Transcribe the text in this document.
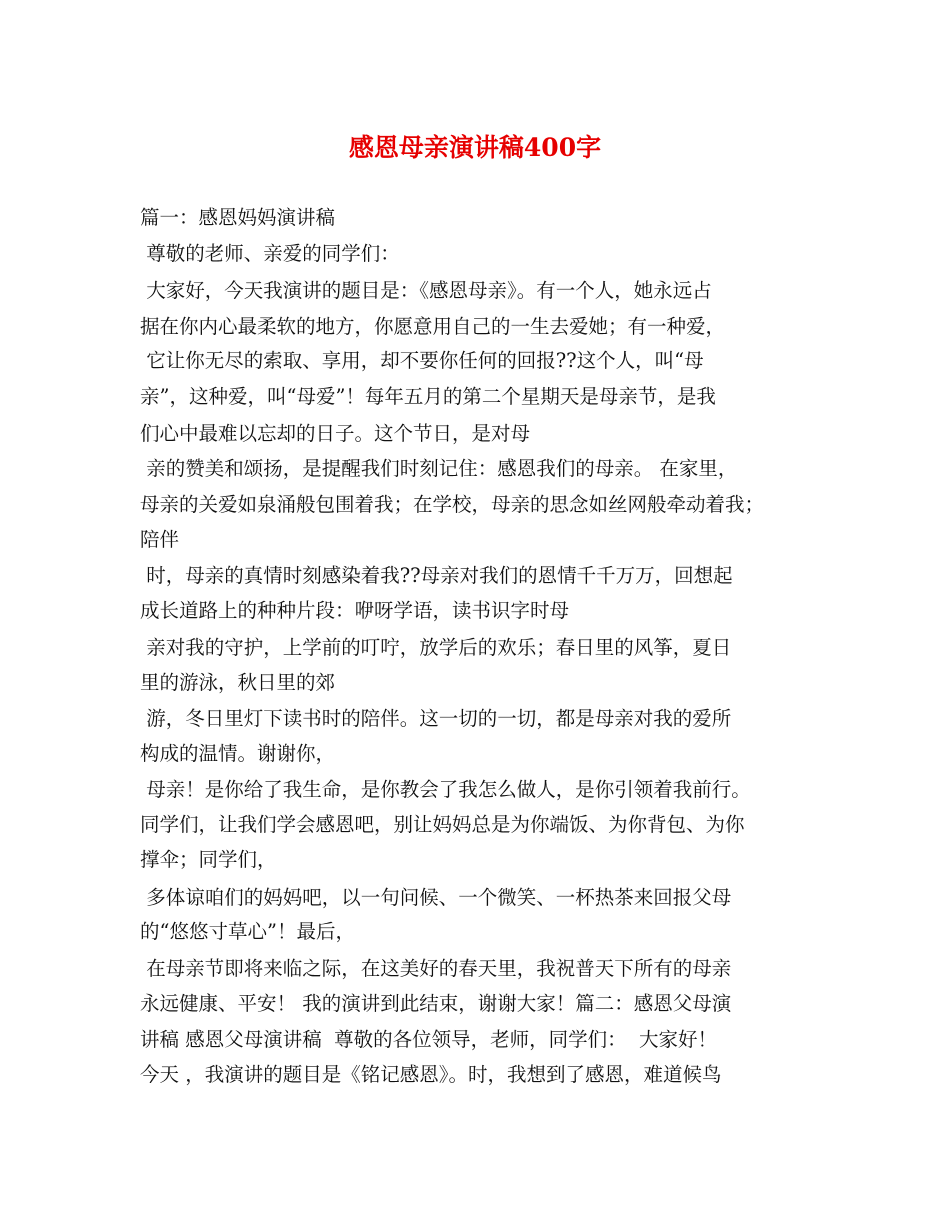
感恩母亲演讲稿400字
篇一：感恩妈妈演讲稿
尊敬的老师、亲爱的同学们：
大家好，今天我演讲的题目是：《感恩母亲》。有一个人，她永远占
据在你内心最柔软的地方，你愿意用自己的一生去爱她；有一种爱，
它让你无尽的索取、享用，却不要你任何的回报??这个人，叫“母
亲”，这种爱，叫“母爱”！每年五月的第二个星期天是母亲节，是我
们心中最难以忘却的日子。这个节日，是对母
亲的赞美和颂扬，是提醒我们时刻记住：感恩我们的母亲。 在家里，
母亲的关爱如泉涌般包围着我；在学校，母亲的思念如丝网般牵动着我；
陪伴
时，母亲的真情时刻感染着我??母亲对我们的恩情千千万万，回想起
成长道路上的种种片段：咿呀学语，读书识字时母
亲对我的守护，上学前的叮咛，放学后的欢乐；春日里的风筝，夏日
里的游泳，秋日里的郊
游，冬日里灯下读书时的陪伴。这一切的一切，都是母亲对我的爱所
构成的温情。谢谢你，
母亲！是你给了我生命，是你教会了我怎么做人，是你引领着我前行。
同学们，让我们学会感恩吧，别让妈妈总是为你端饭、为你背包、为你
撑伞；同学们，
多体谅咱们的妈妈吧，以一句问候、一个微笑、一杯热茶来回报父母
的“悠悠寸草心”！最后，
在母亲节即将来临之际，在这美好的春天里，我祝普天下所有的母亲
永远健康、平安！ 我的演讲到此结束，谢谢大家！篇二：感恩父母演
讲稿 感恩父母演讲稿  尊敬的各位领导，老师，同学们：  大家好！
今天 ，我演讲的题目是《铭记感恩》。时，我想到了感恩，难道候鸟
